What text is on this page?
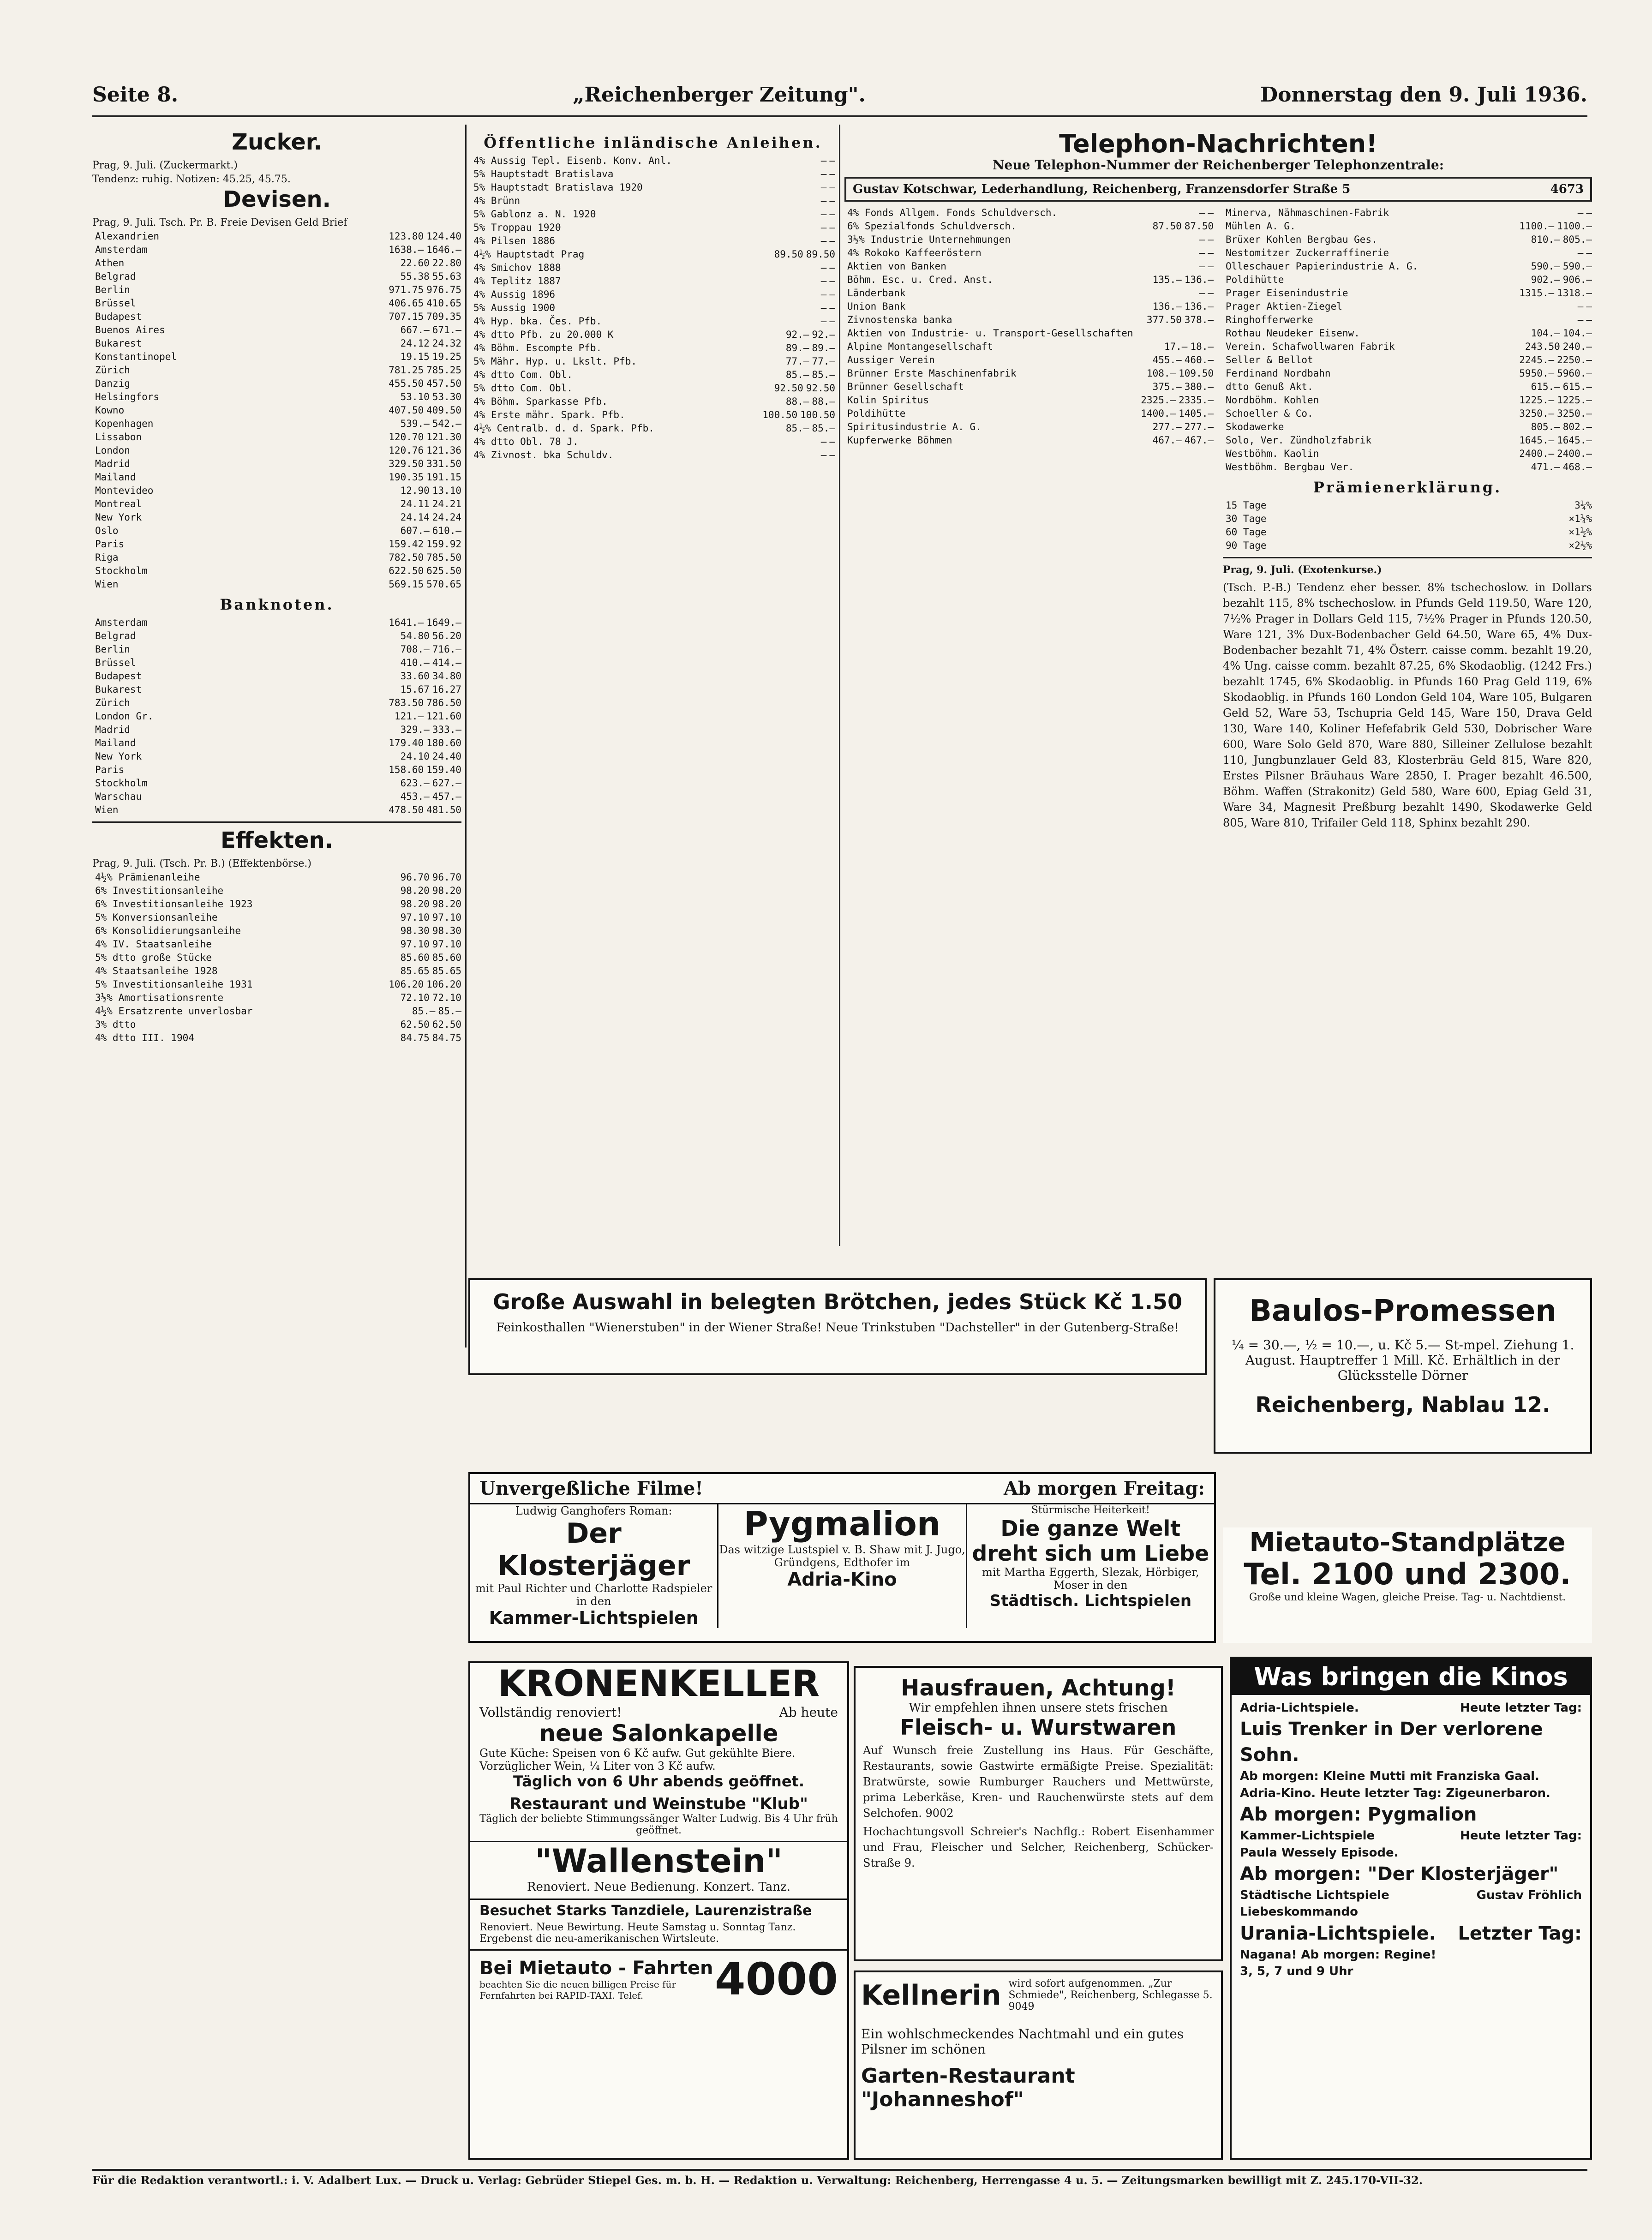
Seite 8.	„Reichenberger Zeitung".	Donnerstag den 9. Juli 1936.
Zucker.
Prag, 9. Juli. (Zuckermarkt.)
Tendenz: ruhig. Notizen: 45.25, 45.75.
Devisen.
Prag, 9. Juli. Tsch. Pr. B. Freie Devisen Geld Brief
Alexandrien	123.80 124.40
Amsterdam	1638.— 1646.—
Athen	22.60 22.80
Belgrad	55.38 55.63
Berlin	971.75 976.75
Brüssel	406.65 410.65
Budapest	707.15 709.35
Buenos Aires	667.— 671.—
Bukarest	24.12 24.32
Konstantinopel	19.15 19.25
Zürich	781.25 785.25
Danzig	455.50 457.50
Helsingfors	53.10 53.30
Kowno	407.50 409.50
Kopenhagen	539.— 542.—
Lissabon	120.70 121.30
London	120.76 121.36
Madrid	329.50 331.50
Mailand	190.35 191.15
Montevideo	12.90 13.10
Montreal	24.11 24.21
New York	24.14 24.24
Oslo	607.— 610.—
Paris	159.42 159.92
Riga	782.50 785.50
Stockholm	622.50 625.50
Wien	569.15 570.65
Banknoten.
Amsterdam	1641.— 1649.—
Belgrad	54.80 56.20
Berlin	708.— 716.—
Brüssel	410.— 414.—
Budapest	33.60 34.80
Bukarest	15.67 16.27
Zürich	783.50 786.50
London Gr.	121.— 121.60
Madrid	329.— 333.—
Mailand	179.40 180.60
New York	24.10 24.40
Paris	158.60 159.40
Stockholm	623.— 627.—
Warschau	453.— 457.—
Wien	478.50 481.50
Effekten.
Prag, 9. Juli. (Tsch. Pr. B.) (Effektenbörse.)
4½% Prämienanleihe	96.70 96.70
6% Investitionsanleihe	98.20 98.20
6% Investitionsanleihe 1923	98.20 98.20
5% Konversionsanleihe	97.10 97.10
6% Konsolidierungsanleihe	98.30 98.30
4% IV. Staatsanleihe	97.10 97.10
5% dtto große Stücke	85.60 85.60
4% Staatsanleihe 1928	85.65 85.65
5% Investitionsanleihe 1931	106.20 106.20
3½% Amortisationsrente	72.10 72.10
4½% Ersatzrente unverlosbar	85.— 85.—
3% dtto	62.50 62.50
4% dtto III. 1904	84.75 84.75
Öffentliche inländische Anleihen.
4% Aussig Tepl. Eisenb. Konv. Anl.	— —
5% Hauptstadt Bratislava	— —
5% Hauptstadt Bratislava 1920	— —
4% Brünn	— —
5% Gablonz a. N. 1920	— —
5% Troppau 1920	— —
4% Pilsen 1886	— —
4½% Hauptstadt Prag	89.50 89.50
4% Smichov 1888	— —
4% Teplitz 1887	— —
4% Aussig 1896	— —
5% Aussig 1900	— —
4% Hyp. bka. Čes. Pfb.	— —
4% dtto Pfb. zu 20.000 K	92.— 92.—
4% Böhm. Escompte Pfb.	89.— 89.—
5% Mähr. Hyp. u. Lkslt. Pfb.	77.— 77.—
4% dtto Com. Obl.	85.— 85.—
5% dtto Com. Obl.	92.50 92.50
4% Böhm. Sparkasse Pfb.	88.— 88.—
4% Erste mähr. Spark. Pfb.	100.50 100.50
4½% Centralb. d. d. Spark. Pfb.	85.— 85.—
4% dtto Obl. 78 J.	— —
4% Zivnost. bka Schuldv.	— —
Telephon-Nachrichten!
Neue Telephon-Nummer der Reichenberger Telephonzentrale:
Gustav Kotschwar, Lederhandlung, Reichenberg, Franzensdorfer Straße 5	4673
4% Fonds Allgem. Fonds Schuldversch.	— —
6% Spezialfonds Schuldversch.	87.50 87.50
3½% Industrie Unternehmungen	— —
4% Rokoko Kaffeeröstern	— —
Aktien von Banken	— —
Böhm. Esc. u. Cred. Anst.	135.— 136.—
Länderbank	— —
Union Bank	136.— 136.—
Zivnostenska banka	377.50 378.—
Aktien von Industrie- u. Transport-Gesellschaften
Alpine Montangesellschaft	17.— 18.—
Aussiger Verein	455.— 460.—
Brünner Erste Maschinenfabrik	108.— 109.50
Brünner Gesellschaft	375.— 380.—
Kolin Spiritus	2325.— 2335.—
Poldihütte	1400.— 1405.—
Spiritusindustrie A. G.	277.— 277.—
Kupferwerke Böhmen	467.— 467.—
Minerva, Nähmaschinen-Fabrik	— —
Mühlen A. G.	1100.— 1100.—
Brüxer Kohlen Bergbau Ges.	810.— 805.—
Nestomitzer Zuckerraffinerie	— —
Olleschauer Papierindustrie A. G.	590.— 590.—
Poldihütte	902.— 906.—
Prager Eisenindustrie	1315.— 1318.—
Prager Aktien-Ziegel	— —
Ringhofferwerke	— —
Rothau Neudeker Eisenw.	104.— 104.—
Verein. Schafwollwaren Fabrik	243.50 240.—
Seller & Bellot	2245.— 2250.—
Ferdinand Nordbahn	5950.— 5960.—
dtto Genuß Akt.	615.— 615.—
Nordböhm. Kohlen	1225.— 1225.—
Schoeller & Co.	3250.— 3250.—
Skodawerke	805.— 802.—
Solo, Ver. Zündholzfabrik	1645.— 1645.—
Westböhm. Kaolin	2400.— 2400.—
Westböhm. Bergbau Ver.	471.— 468.—
Prämienerklärung.
15 Tage	3¼%
30 Tage	×1¼%
60 Tage	×1½%
90 Tage	×2½%
Prag, 9. Juli. (Exotenkurse.)
(Tsch. P.-B.) Tendenz eher besser. 8% tschechoslow. in Dollars bezahlt 115, 8% tschechoslow. in Pfunds Geld 119.50, Ware 120, 7½% Prager in Dollars Geld 115, 7½% Prager in Pfunds 120.50, Ware 121, 3% Dux-Bodenbacher Geld 64.50, Ware 65, 4% Dux-Bodenbacher bezahlt 71, 4% Österr. caisse comm. bezahlt 19.20, 4% Ung. caisse comm. bezahlt 87.25, 6% Skodaoblig. (1242 Frs.) bezahlt 1745, 6% Skodaoblig. in Pfunds 160 Prag Geld 119, 6% Skodaoblig. in Pfunds 160 London Geld 104, Ware 105, Bulgaren Geld 52, Ware 53, Tschupria Geld 145, Ware 150, Drava Geld 130, Ware 140, Koliner Hefefabrik Geld 530, Dobrischer Ware 600, Ware Solo Geld 870, Ware 880, Silleiner Zellulose bezahlt 110, Jungbunzlauer Geld 83, Klosterbräu Geld 815, Ware 820, Erstes Pilsner Bräuhaus Ware 2850, I. Prager bezahlt 46.500, Böhm. Waffen (Strakonitz) Geld 580, Ware 600, Epiag Geld 31, Ware 34, Magnesit Preßburg bezahlt 1490, Skodawerke Geld 805, Ware 810, Trifailer Geld 118, Sphinx bezahlt 290.
Große Auswahl in belegten Brötchen, jedes Stück Kč 1.50
Feinkosthallen "Wienerstuben" in der Wiener Straße! Neue Trinkstuben "Dachsteller" in der Gutenberg-Straße!	Baulos-Promessen
¼ = 30.—, ½ = 10.—, u. Kč 5.— St-mpel. Ziehung 1. August. Hauptreffer 1 Mill. Kč. Erhältlich in der Glücksstelle Dörner
Reichenberg, Nablau 12.
Unvergeßliche Filme!	Ab morgen Freitag:
Ludwig Ganghofers Roman:
Der Klosterjäger
mit Paul Richter und Charlotte Radspieler in den
Kammer-Lichtspielen
Pygmalion
Das witzige Lustspiel v. B. Shaw mit J. Jugo, Gründgens, Edthofer im
Adria-Kino
Stürmische Heiterkeit!
Die ganze Welt dreht sich um Liebe
mit Martha Eggerth, Slezak, Hörbiger, Moser in den
Städtisch. Lichtspielen
Mietauto-Standplätze
Tel. 2100 und 2300.
Große und kleine Wagen, gleiche Preise. Tag- u. Nachtdienst.
KRONENKELLER
Vollständig renoviert!	Ab heute
neue Salonkapelle
Gute Küche: Speisen von 6 Kč aufw. Gut gekühlte Biere. Vorzüglicher Wein, ¼ Liter von 3 Kč aufw.
Täglich von 6 Uhr abends geöffnet.
Restaurant und Weinstube "Klub"
Täglich der beliebte Stimmungssänger Walter Ludwig. Bis 4 Uhr früh geöffnet.
"Wallenstein"
Renoviert. Neue Bedienung. Konzert. Tanz.
Besuchet Starks Tanzdiele, Laurenzistraße
Renoviert. Neue Bewirtung. Heute Samstag u. Sonntag Tanz. Ergebenst die neu-amerikanischen Wirtsleute.
Bei Mietauto - Fahrten
beachten Sie die neuen billigen Preise für Fernfahrten bei RAPID-TAXI. Telef.	4000
Hausfrauen, Achtung!
Wir empfehlen ihnen unsere stets frischen
Fleisch- u. Wurstwaren
Auf Wunsch freie Zustellung ins Haus. Für Geschäfte, Restaurants, sowie Gastwirte ermäßigte Preise. Spezialität: Bratwürste, sowie Rumburger Rauchers und Mettwürste, prima Leberkäse, Kren- und Rauchenwürste stets auf dem Selchofen. 9002
Hochachtungsvoll Schreier's Nachflg.: Robert Eisenhammer und Frau, Fleischer und Selcher, Reichenberg, Schücker-Straße 9.
Kellnerin wird sofort aufgenommen. „Zur Schmiede", Reichenberg, Schlegasse 5. 9049
Ein wohlschmeckendes Nachtmahl und ein gutes Pilsner im schönen
Garten-Restaurant "Johanneshof"
Was bringen die Kinos
Adria-Lichtspiele.	Heute letzter Tag:
Luis Trenker in Der verlorene Sohn.
Ab morgen: Kleine Mutti mit Franziska Gaal.
Adria-Kino. Heute letzter Tag: Zigeunerbaron.
Ab morgen: Pygmalion
Kammer-Lichtspiele	Heute letzter Tag:
Paula Wessely Episode.
Ab morgen: "Der Klosterjäger"
Städtische Lichtspiele	Gustav Fröhlich
Liebeskommando
Urania-Lichtspiele. Letzter Tag:
Nagana! Ab morgen: Regine!
3, 5, 7 und 9 Uhr
Für die Redaktion verantwortl.: i. V. Adalbert Lux. — Druck u. Verlag: Gebrüder Stiepel Ges. m. b. H. — Redaktion u. Verwaltung: Reichenberg, Herrengasse 4 u. 5. — Zeitungsmarken bewilligt mit Z. 245.170-VII-32.
